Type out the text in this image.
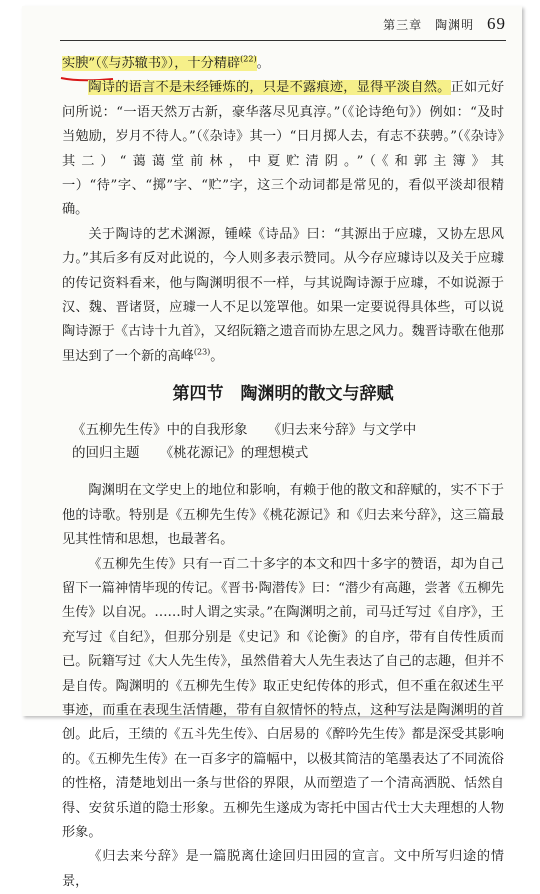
第三章　陶渊明 69

实腴”（《与苏辙书》），十分精辟$^{(22)}$。

陶诗的语言不是未经锤炼的，只是不露痕迹，显得平淡自然。正如元好问所说：“一语天然万古新，豪华落尽见真淳。”（《论诗绝句》）例如：“及时当勉励，岁月不待人。”（《杂诗》其一）“日月掷人去，有志不获骋。”（《杂诗》其二）“蔼蔼堂前林，中夏贮清阴。”（《和郭主簿》其一）“待”字、“掷”字、“贮”字，这三个动词都是常见的，看似平淡却很精确。

关于陶诗的艺术渊源，锺嵘《诗品》曰：“其源出于应璩，又协左思风力。”其后多有反对此说的，今人则多表示赞同。从今存应璩诗以及关于应璩的传记资料看来，他与陶渊明很不一样，与其说陶诗源于应璩，不如说源于汉、魏、晋诸贤，应璩一人不足以笼罩他。如果一定要说得具体些，可以说陶诗源于《古诗十九首》，又绍阮籍之遗音而协左思之风力。魏晋诗歌在他那里达到了一个新的高峰$^{(23)}$。

第四节　陶渊明的散文与辞赋
《五柳先生传》中的自我形象　　《归去来兮辞》与文学中
的回归主题　　《桃花源记》的理想模式

陶渊明在文学史上的地位和影响，有赖于他的散文和辞赋的，实不下于他的诗歌。特别是《五柳先生传》《桃花源记》和《归去来兮辞》，这三篇最见其性情和思想，也最著名。

《五柳先生传》只有一百二十多字的本文和四十多字的赞语，却为自己留下一篇神情毕现的传记。《晋书·陶潜传》曰：“潜少有高趣，尝著《五柳先生传》以自况。……时人谓之实录。”在陶渊明之前，司马迁写过《自序》，王充写过《自纪》，但那分别是《史记》和《论衡》的自序，带有自传性质而已。阮籍写过《大人先生传》，虽然借着大人先生表达了自己的志趣，但并不是自传。陶渊明的《五柳先生传》取正史纪传体的形式，但不重在叙述生平事迹，而重在表现生活情趣，带有自叙情怀的特点，这种写法是陶渊明的首创。此后，王绩的《五斗先生传》、白居易的《醉吟先生传》都是深受其影响的。《五柳先生传》在一百多字的篇幅中，以极其简洁的笔墨表达了不同流俗的性格，清楚地划出一条与世俗的界限，从而塑造了一个清高洒脱、恬然自得、安贫乐道的隐士形象。五柳先生遂成为寄托中国古代士大夫理想的人物形象。

《归去来兮辞》是一篇脱离仕途回归田园的宣言。文中所写归途的情景，
